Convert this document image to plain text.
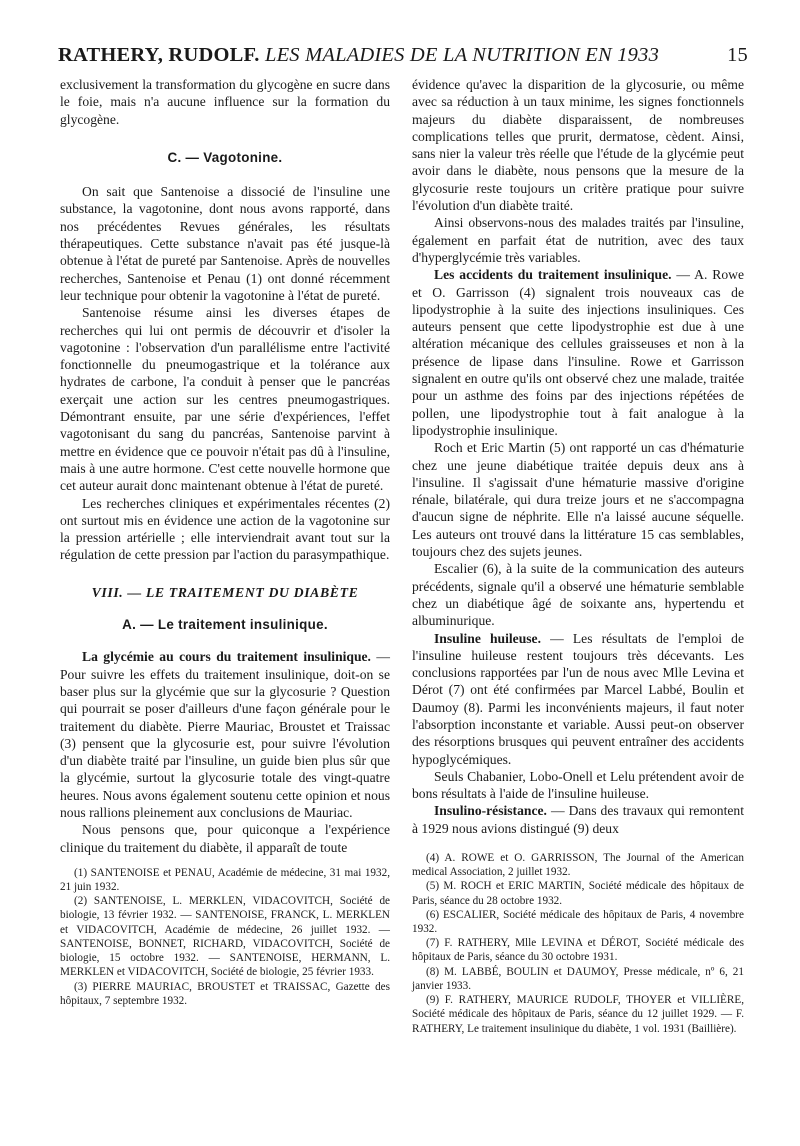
RATHERY, RUDOLF. LES MALADIES DE LA NUTRITION EN 1933	15

exclusivement la transformation du glycogène en sucre dans le foie, mais n'a aucune influence sur la formation du glycogène.

C. — Vagotonine.

On sait que Santenoise a dissocié de l'insuline une substance, la vagotonine, dont nous avons rapporté, dans nos précédentes Revues générales, les résultats thérapeutiques. Cette substance n'avait pas été jusque-là obtenue à l'état de pureté par Santenoise. Après de nouvelles recherches, Santenoise et Penau (1) ont donné récemment leur technique pour obtenir la vagotonine à l'état de pureté.

Santenoise résume ainsi les diverses étapes de recherches qui lui ont permis de découvrir et d'isoler la vagotonine : l'observation d'un parallélisme entre l'activité fonctionnelle du pneumogastrique et la tolérance aux hydrates de carbone, l'a conduit à penser que le pancréas exerçait une action sur les centres pneumogastriques. Démontrant ensuite, par une série d'expériences, l'effet vagotonisant du sang du pancréas, Santenoise parvint à mettre en évidence que ce pouvoir n'était pas dû à l'insuline, mais à une autre hormone. C'est cette nouvelle hormone que cet auteur aurait donc maintenant obtenue à l'état de pureté.

Les recherches cliniques et expérimentales récentes (2) ont surtout mis en évidence une action de la vagotonine sur la pression artérielle ; elle interviendrait avant tout sur la régulation de cette pression par l'action du parasympathique.

VIII. — LE TRAITEMENT DU DIABÈTE

A. — Le traitement insulinique.

La glycémie au cours du traitement insulinique. — Pour suivre les effets du traitement insulinique, doit-on se baser plus sur la glycémie que sur la glycosurie ? Question qui pourrait se poser d'ailleurs d'une façon générale pour le traitement du diabète. Pierre Mauriac, Broustet et Traissac (3) pensent que la glycosurie est, pour suivre l'évolution d'un diabète traité par l'insuline, un guide bien plus sûr que la glycémie, surtout la glycosurie totale des vingt-quatre heures. Nous avons également soutenu cette opinion et nous nous rallions pleinement aux conclusions de Mauriac.

Nous pensons que, pour quiconque a l'expérience clinique du traitement du diabète, il apparaît de toute

(1) SANTENOISE et PENAU, Académie de médecine, 31 mai 1932, 21 juin 1932.

(2) SANTENOISE, L. MERKLEN, VIDACOVITCH, Société de biologie, 13 février 1932. — SANTENOISE, FRANCK, L. MERKLEN et VIDACOVITCH, Académie de médecine, 26 juillet 1932. — SANTENOISE, BONNET, RICHARD, VIDACOVITCH, Société de biologie, 15 octobre 1932. — SANTENOISE, HERMANN, L. MERKLEN et VIDACOVITCH, Société de biologie, 25 février 1933.

(3) PIERRE MAURIAC, BROUSTET et TRAISSAC, Gazette des hôpitaux, 7 septembre 1932.

évidence qu'avec la disparition de la glycosurie, ou même avec sa réduction à un taux minime, les signes fonctionnels majeurs du diabète disparaissent, de nombreuses complications telles que prurit, dermatose, cèdent. Ainsi, sans nier la valeur très réelle que l'étude de la glycémie peut avoir dans le diabète, nous pensons que la mesure de la glycosurie reste toujours un critère pratique pour suivre l'évolution d'un diabète traité.

Ainsi observons-nous des malades traités par l'insuline, également en parfait état de nutrition, avec des taux d'hyperglycémie très variables.

Les accidents du traitement insulinique. — A. Rowe et O. Garrisson (4) signalent trois nouveaux cas de lipodystrophie à la suite des injections insuliniques. Ces auteurs pensent que cette lipodystrophie est due à une altération mécanique des cellules graisseuses et non à la présence de lipase dans l'insuline. Rowe et Garrisson signalent en outre qu'ils ont observé chez une malade, traitée pour un asthme des foins par des injections répétées de pollen, une lipodystrophie tout à fait analogue à la lipodystrophie insulinique.

Roch et Eric Martin (5) ont rapporté un cas d'hématurie chez une jeune diabétique traitée depuis deux ans à l'insuline. Il s'agissait d'une hématurie massive d'origine rénale, bilatérale, qui dura treize jours et ne s'accompagna d'aucun signe de néphrite. Elle n'a laissé aucune séquelle. Les auteurs ont trouvé dans la littérature 15 cas semblables, toujours chez des sujets jeunes.

Escalier (6), à la suite de la communication des auteurs précédents, signale qu'il a observé une hématurie semblable chez un diabétique âgé de soixante ans, hypertendu et albuminurique.

Insuline huileuse. — Les résultats de l'emploi de l'insuline huileuse restent toujours très décevants. Les conclusions rapportées par l'un de nous avec Mlle Levina et Dérot (7) ont été confirmées par Marcel Labbé, Boulin et Daumoy (8). Parmi les inconvénients majeurs, il faut noter l'absorption inconstante et variable. Aussi peut-on observer des résorptions brusques qui peuvent entraîner des accidents hypoglycémiques.

Seuls Chabanier, Lobo-Onell et Lelu prétendent avoir de bons résultats à l'aide de l'insuline huileuse.

Insulino-résistance. — Dans des travaux qui remontent à 1929 nous avions distingué (9) deux

(4) A. ROWE et O. GARRISSON, The Journal of the American medical Association, 2 juillet 1932.

(5) M. ROCH et ERIC MARTIN, Société médicale des hôpitaux de Paris, séance du 28 octobre 1932.

(6) ESCALIER, Société médicale des hôpitaux de Paris, 4 novembre 1932.

(7) F. RATHERY, Mlle LEVINA et DÉROT, Société médicale des hôpitaux de Paris, séance du 30 octobre 1931.

(8) M. LABBÉ, BOULIN et DAUMOY, Presse médicale, nº 6, 21 janvier 1933.

(9) F. RATHERY, MAURICE RUDOLF, THOYER et VILLIÈRE, Société médicale des hôpitaux de Paris, séance du 12 juillet 1929. — F. RATHERY, Le traitement insulinique du diabète, 1 vol. 1931 (Baillière).
